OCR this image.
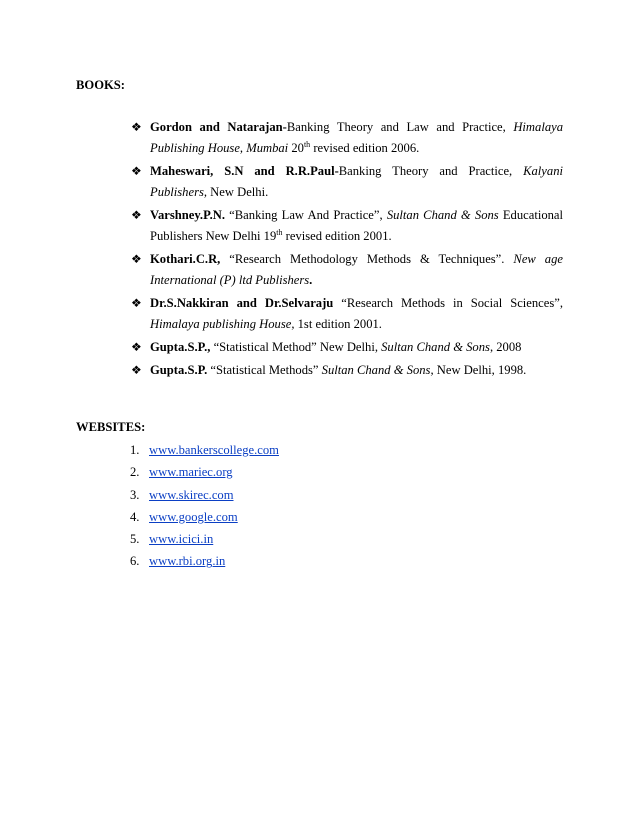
BOOKS:
❖ Gordon and Natarajan-Banking Theory and Law and Practice, Himalaya Publishing House, Mumbai 20th revised edition 2006.
❖ Maheswari, S.N and R.R.Paul-Banking Theory and Practice, Kalyani Publishers, New Delhi.
❖ Varshney.P.N. “Banking Law And Practice”, Sultan Chand & Sons Educational Publishers New Delhi 19th revised edition 2001.
❖ Kothari.C.R, “Research Methodology Methods & Techniques”. New age International (P) ltd Publishers.
❖ Dr.S.Nakkiran and Dr.Selvaraju “Research Methods in Social Sciences”, Himalaya publishing House, 1st edition 2001.
❖ Gupta.S.P., “Statistical Method” New Delhi, Sultan Chand & Sons, 2008
❖ Gupta.S.P. “Statistical Methods” Sultan Chand & Sons, New Delhi, 1998.
WEBSITES:
1. www.bankerscollege.com
2. www.mariec.org
3. www.skirec.com
4. www.google.com
5. www.icici.in
6. www.rbi.org.in
